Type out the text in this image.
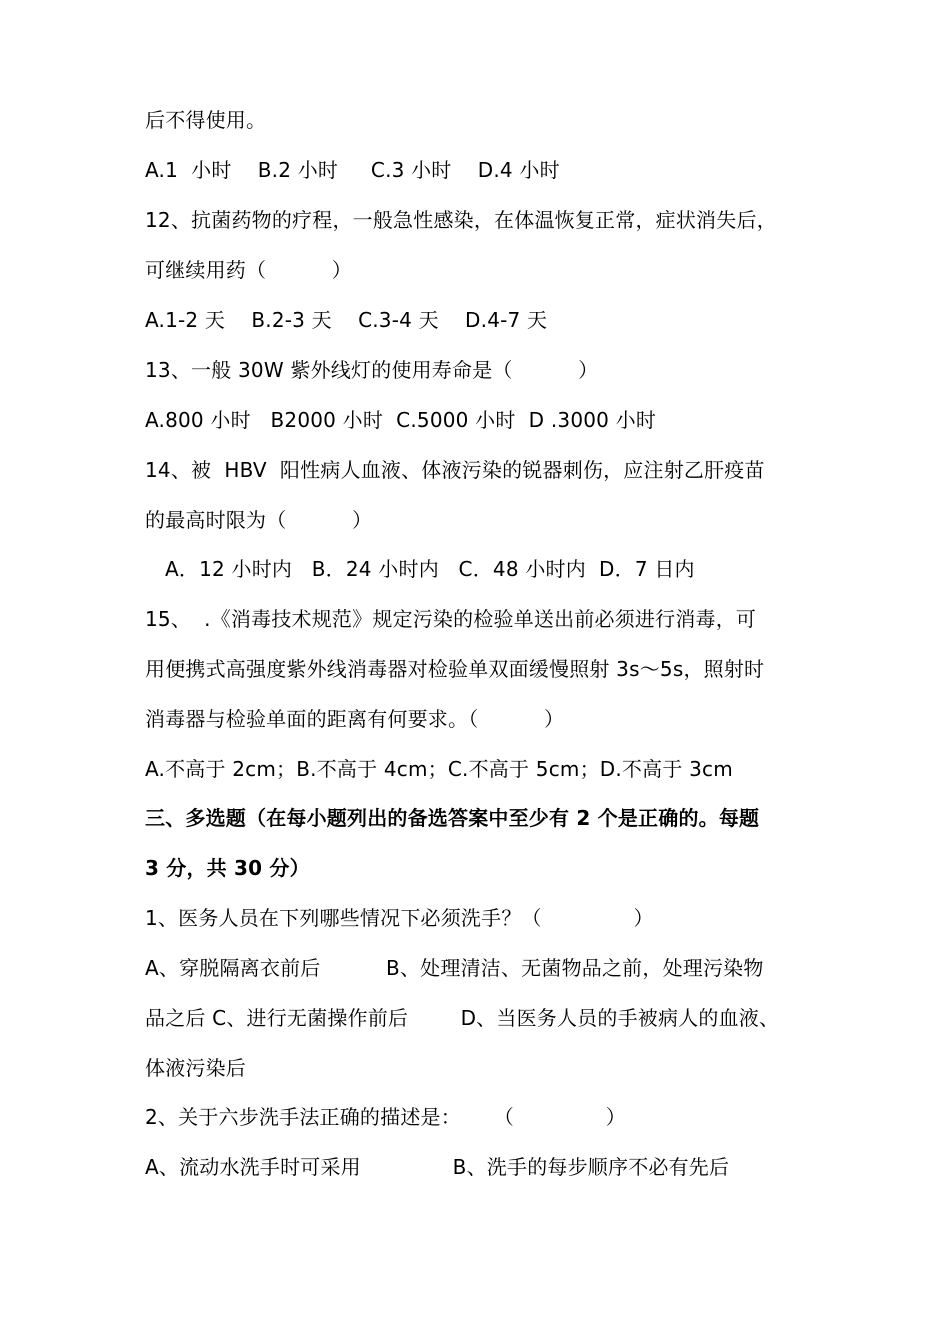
后不得使用。
A.1  小时    B.2 小时     C.3 小时    D.4 小时
12、抗菌药物的疗程，一般急性感染，在体温恢复正常，症状消失后，
可继续用药（          ）
A.1-2 天    B.2-3 天    C.3-4 天    D.4-7 天
13、一般 30W 紫外线灯的使用寿命是（          ）
A.800 小时   B2000 小时  C.5000 小时  D .3000 小时
14、被  HBV  阳性病人血液、体液污染的锐器刺伤，应注射乙肝疫苗
的最高时限为（          ）
A．12 小时内   B．24 小时内   C．48 小时内  D．7 日内
15、  .《消毒技术规范》规定污染的检验单送出前必须进行消毒，可
用便携式高强度紫外线消毒器对检验单双面缓慢照射 3s～5s，照射时
消毒器与检验单面的距离有何要求。（          ）
A.不高于 2cm；B.不高于 4cm；C.不高于 5cm；D.不高于 3cm
三、多选题（在每小题列出的备选答案中至少有 2 个是正确的。每题
3 分，共 30 分）
1、医务人员在下列哪些情况下必须洗手？（              ）
A、穿脱隔离衣前后          B、处理清洁、无菌物品之前，处理污染物
品之后 C、进行无菌操作前后        D、当医务人员的手被病人的血液、
体液污染后
2、关于六步洗手法正确的描述是：     （              ）
A、流动水洗手时可采用              B、洗手的每步顺序不必有先后
